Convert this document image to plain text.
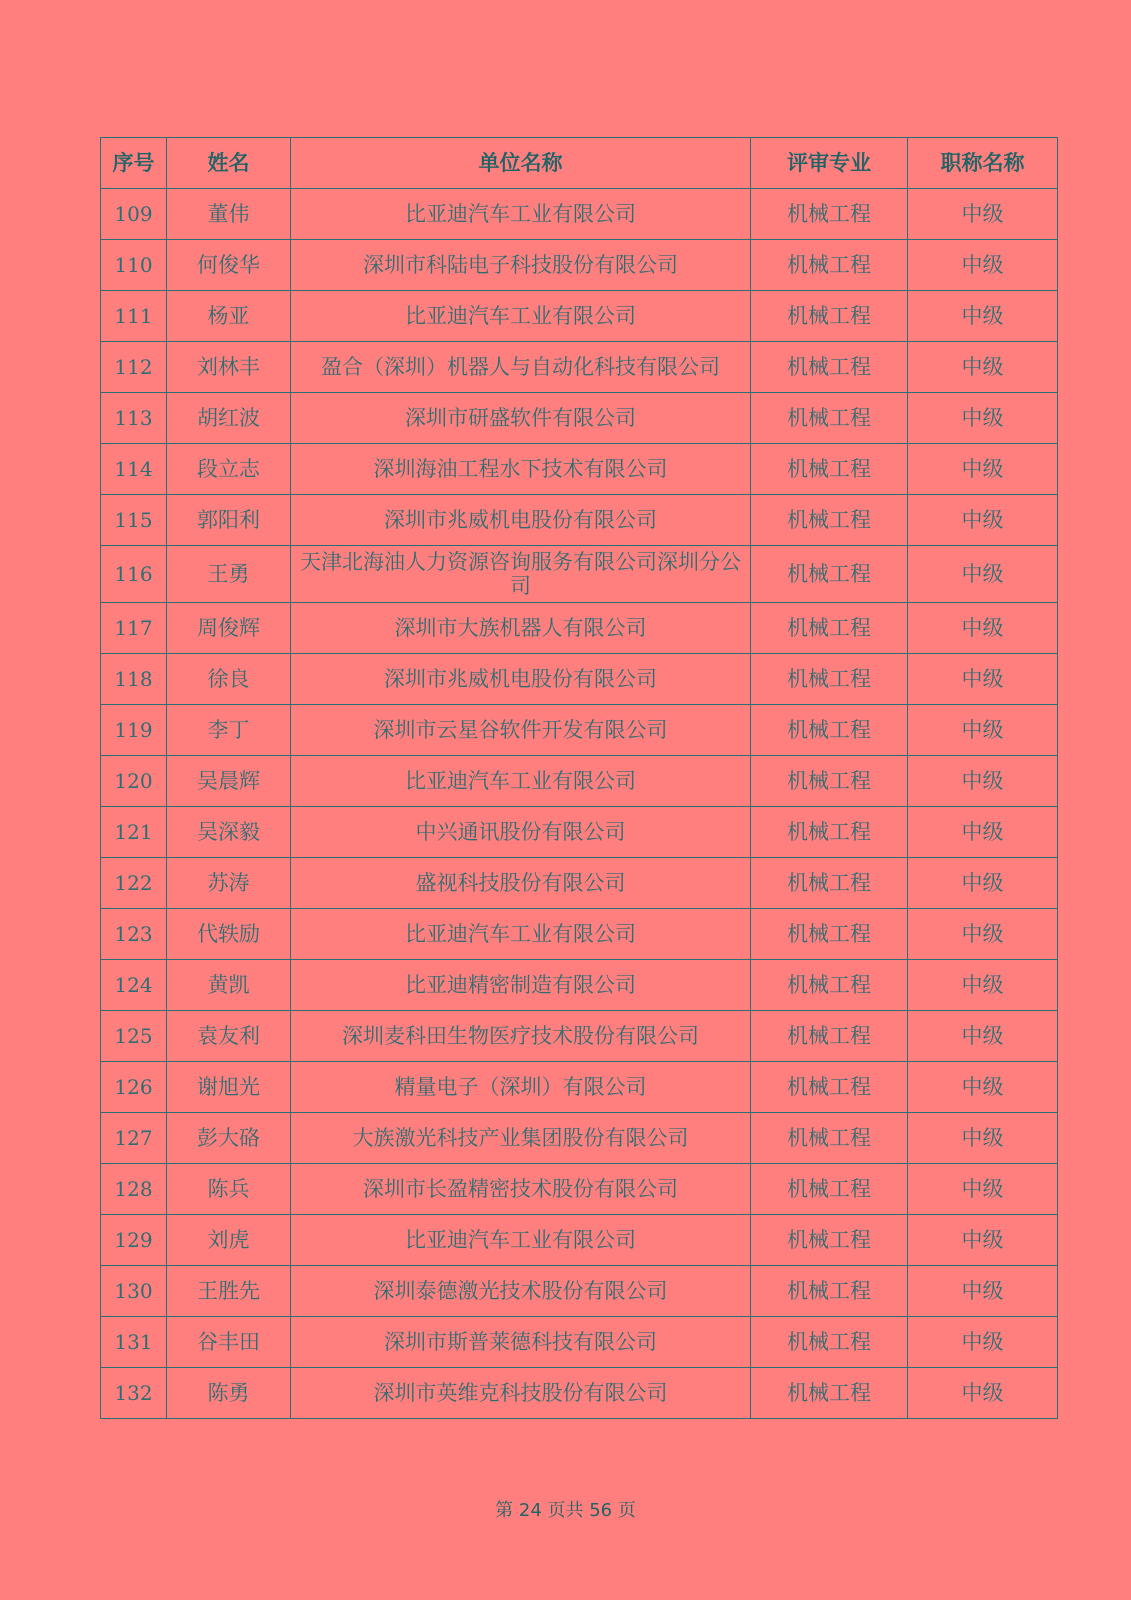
序号	姓名	单位名称	评审专业	职称名称
109	董伟	比亚迪汽车工业有限公司	机械工程	中级
110	何俊华	深圳市科陆电子科技股份有限公司	机械工程	中级
111	杨亚	比亚迪汽车工业有限公司	机械工程	中级
112	刘林丰	盈合（深圳）机器人与自动化科技有限公司	机械工程	中级
113	胡红波	深圳市研盛软件有限公司	机械工程	中级
114	段立志	深圳海油工程水下技术有限公司	机械工程	中级
115	郭阳利	深圳市兆威机电股份有限公司	机械工程	中级
116	王勇	天津北海油人力资源咨询服务有限公司深圳分公司	机械工程	中级
117	周俊辉	深圳市大族机器人有限公司	机械工程	中级
118	徐良	深圳市兆威机电股份有限公司	机械工程	中级
119	李丁	深圳市云星谷软件开发有限公司	机械工程	中级
120	吴晨辉	比亚迪汽车工业有限公司	机械工程	中级
121	吴深毅	中兴通讯股份有限公司	机械工程	中级
122	苏涛	盛视科技股份有限公司	机械工程	中级
123	代轶励	比亚迪汽车工业有限公司	机械工程	中级
124	黄凯	比亚迪精密制造有限公司	机械工程	中级
125	袁友利	深圳麦科田生物医疗技术股份有限公司	机械工程	中级
126	谢旭光	精量电子（深圳）有限公司	机械工程	中级
127	彭大硌	大族激光科技产业集团股份有限公司	机械工程	中级
128	陈兵	深圳市长盈精密技术股份有限公司	机械工程	中级
129	刘虎	比亚迪汽车工业有限公司	机械工程	中级
130	王胜先	深圳泰德激光技术股份有限公司	机械工程	中级
131	谷丰田	深圳市斯普莱德科技有限公司	机械工程	中级
132	陈勇	深圳市英维克科技股份有限公司	机械工程	中级
第 24 页共 56 页
